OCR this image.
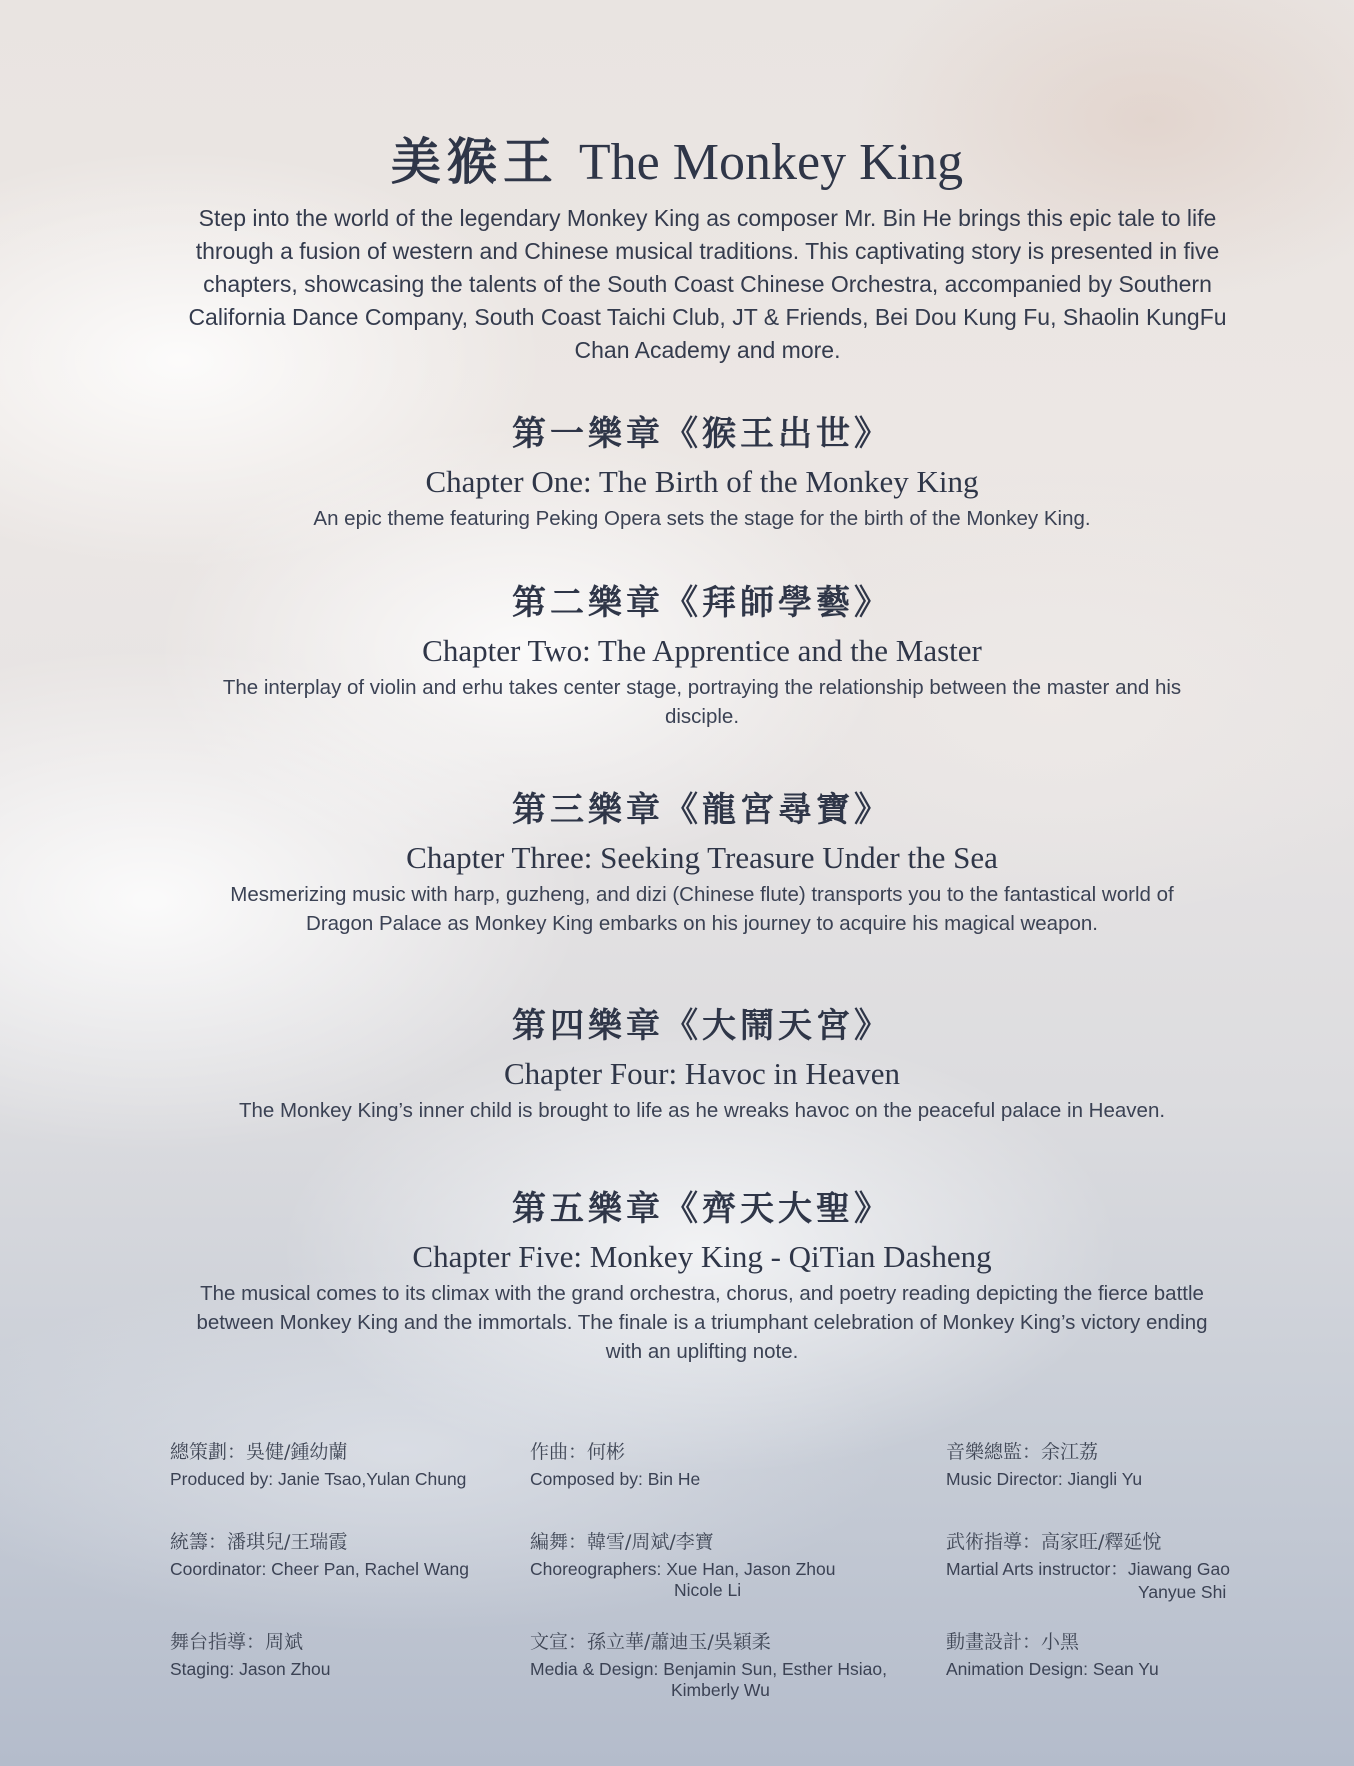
美猴王 The Monkey King

Step into the world of the legendary Monkey King as composer Mr. Bin He brings this epic tale to life through a fusion of western and Chinese musical traditions. This captivating story is presented in five chapters, showcasing the talents of the South Coast Chinese Orchestra, accompanied by Southern California Dance Company, South Coast Taichi Club, JT & Friends, Bei Dou Kung Fu, Shaolin KungFu Chan Academy and more.

第一樂章《猴王出世》
Chapter One: The Birth of the Monkey King
An epic theme featuring Peking Opera sets the stage for the birth of the Monkey King.
第二樂章《拜師學藝》
Chapter Two: The Apprentice and the Master
The interplay of violin and erhu takes center stage, portraying the relationship between the master and his disciple.
第三樂章《龍宮尋寶》
Chapter Three: Seeking Treasure Under the Sea
Mesmerizing music with harp, guzheng, and dizi (Chinese flute) transports you to the fantastical world of Dragon Palace as Monkey King embarks on his journey to acquire his magical weapon.
第四樂章《大鬧天宮》
Chapter Four: Havoc in Heaven
The Monkey King’s inner child is brought to life as he wreaks havoc on the peaceful palace in Heaven.
第五樂章《齊天大聖》
Chapter Five: Monkey King - QiTian Dasheng
The musical comes to its climax with the grand orchestra, chorus, and poetry reading depicting the fierce battle between Monkey King and the immortals. The finale is a triumphant celebration of Monkey King’s victory ending with an uplifting note.
總策劃：吳健/鍾幼蘭
Produced by: Janie Tsao,Yulan Chung
作曲：何彬
Composed by: Bin He
音樂總監：余江荔
Music Director: Jiangli Yu
統籌：潘琪兒/王瑞霞
Coordinator: Cheer Pan, Rachel Wang
編舞：韓雪/周斌/李寶
Choreographers: Xue Han, Jason Zhou
Nicole Li
武術指導：高家旺/釋延悅
Martial Arts instructor：Jiawang Gao
Yanyue Shi
舞台指導：周斌
Staging: Jason Zhou
文宣：孫立華/蕭迪玉/吳穎柔
Media & Design: Benjamin Sun, Esther Hsiao,
Kimberly Wu
動畫設計：小黑
Animation Design: Sean Yu
